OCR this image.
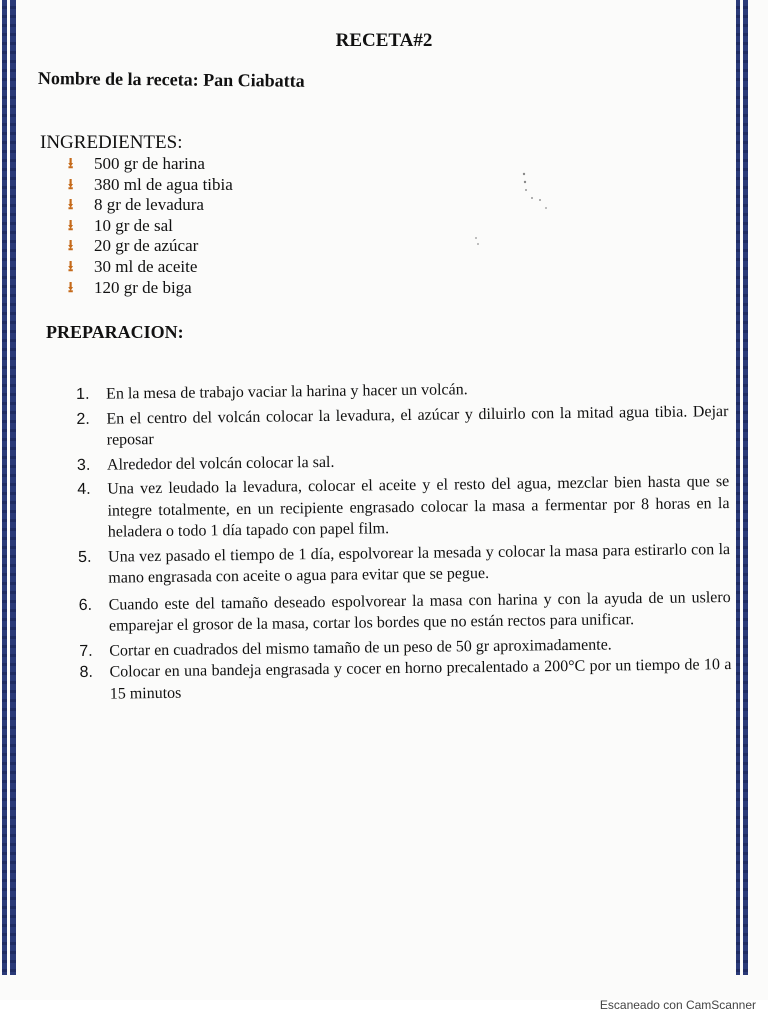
RECETA#2
Nombre de la receta: Pan Ciabatta
INGREDIENTES:
⭳	500 gr de harina
⭳	380 ml de agua tibia
⭳	8 gr de levadura
⭳	10 gr de sal
⭳	20 gr de azúcar
⭳	30 ml de aceite
⭳	120 gr de biga
PREPARACION:
1.	En la mesa de trabajo vaciar la harina y hacer un volcán.
2.	En el centro del volcán colocar la levadura, el azúcar y diluirlo con la mitad agua tibia. Dejar reposar
3.	Alrededor del volcán colocar la sal.
4.	Una vez leudado la levadura, colocar el aceite y el resto del agua, mezclar bien hasta que se integre totalmente, en un recipiente engrasado colocar la masa a fermentar por 8 horas en la heladera o todo 1 día tapado con papel film.
5.	Una vez pasado el tiempo de 1 día, espolvorear la mesada y colocar la masa para estirarlo con la mano engrasada con aceite o agua para evitar que se pegue.
6.	Cuando este del tamaño deseado espolvorear la masa con harina y con la ayuda de un uslero emparejar el grosor de la masa, cortar los bordes que no están rectos para unificar.
7.	Cortar en cuadrados del mismo tamaño de un peso de 50 gr aproximadamente.
8.	Colocar en una bandeja engrasada y cocer en horno precalentado a 200°C por un tiempo de 10 a 15 minutos
Escaneado con CamScanner
